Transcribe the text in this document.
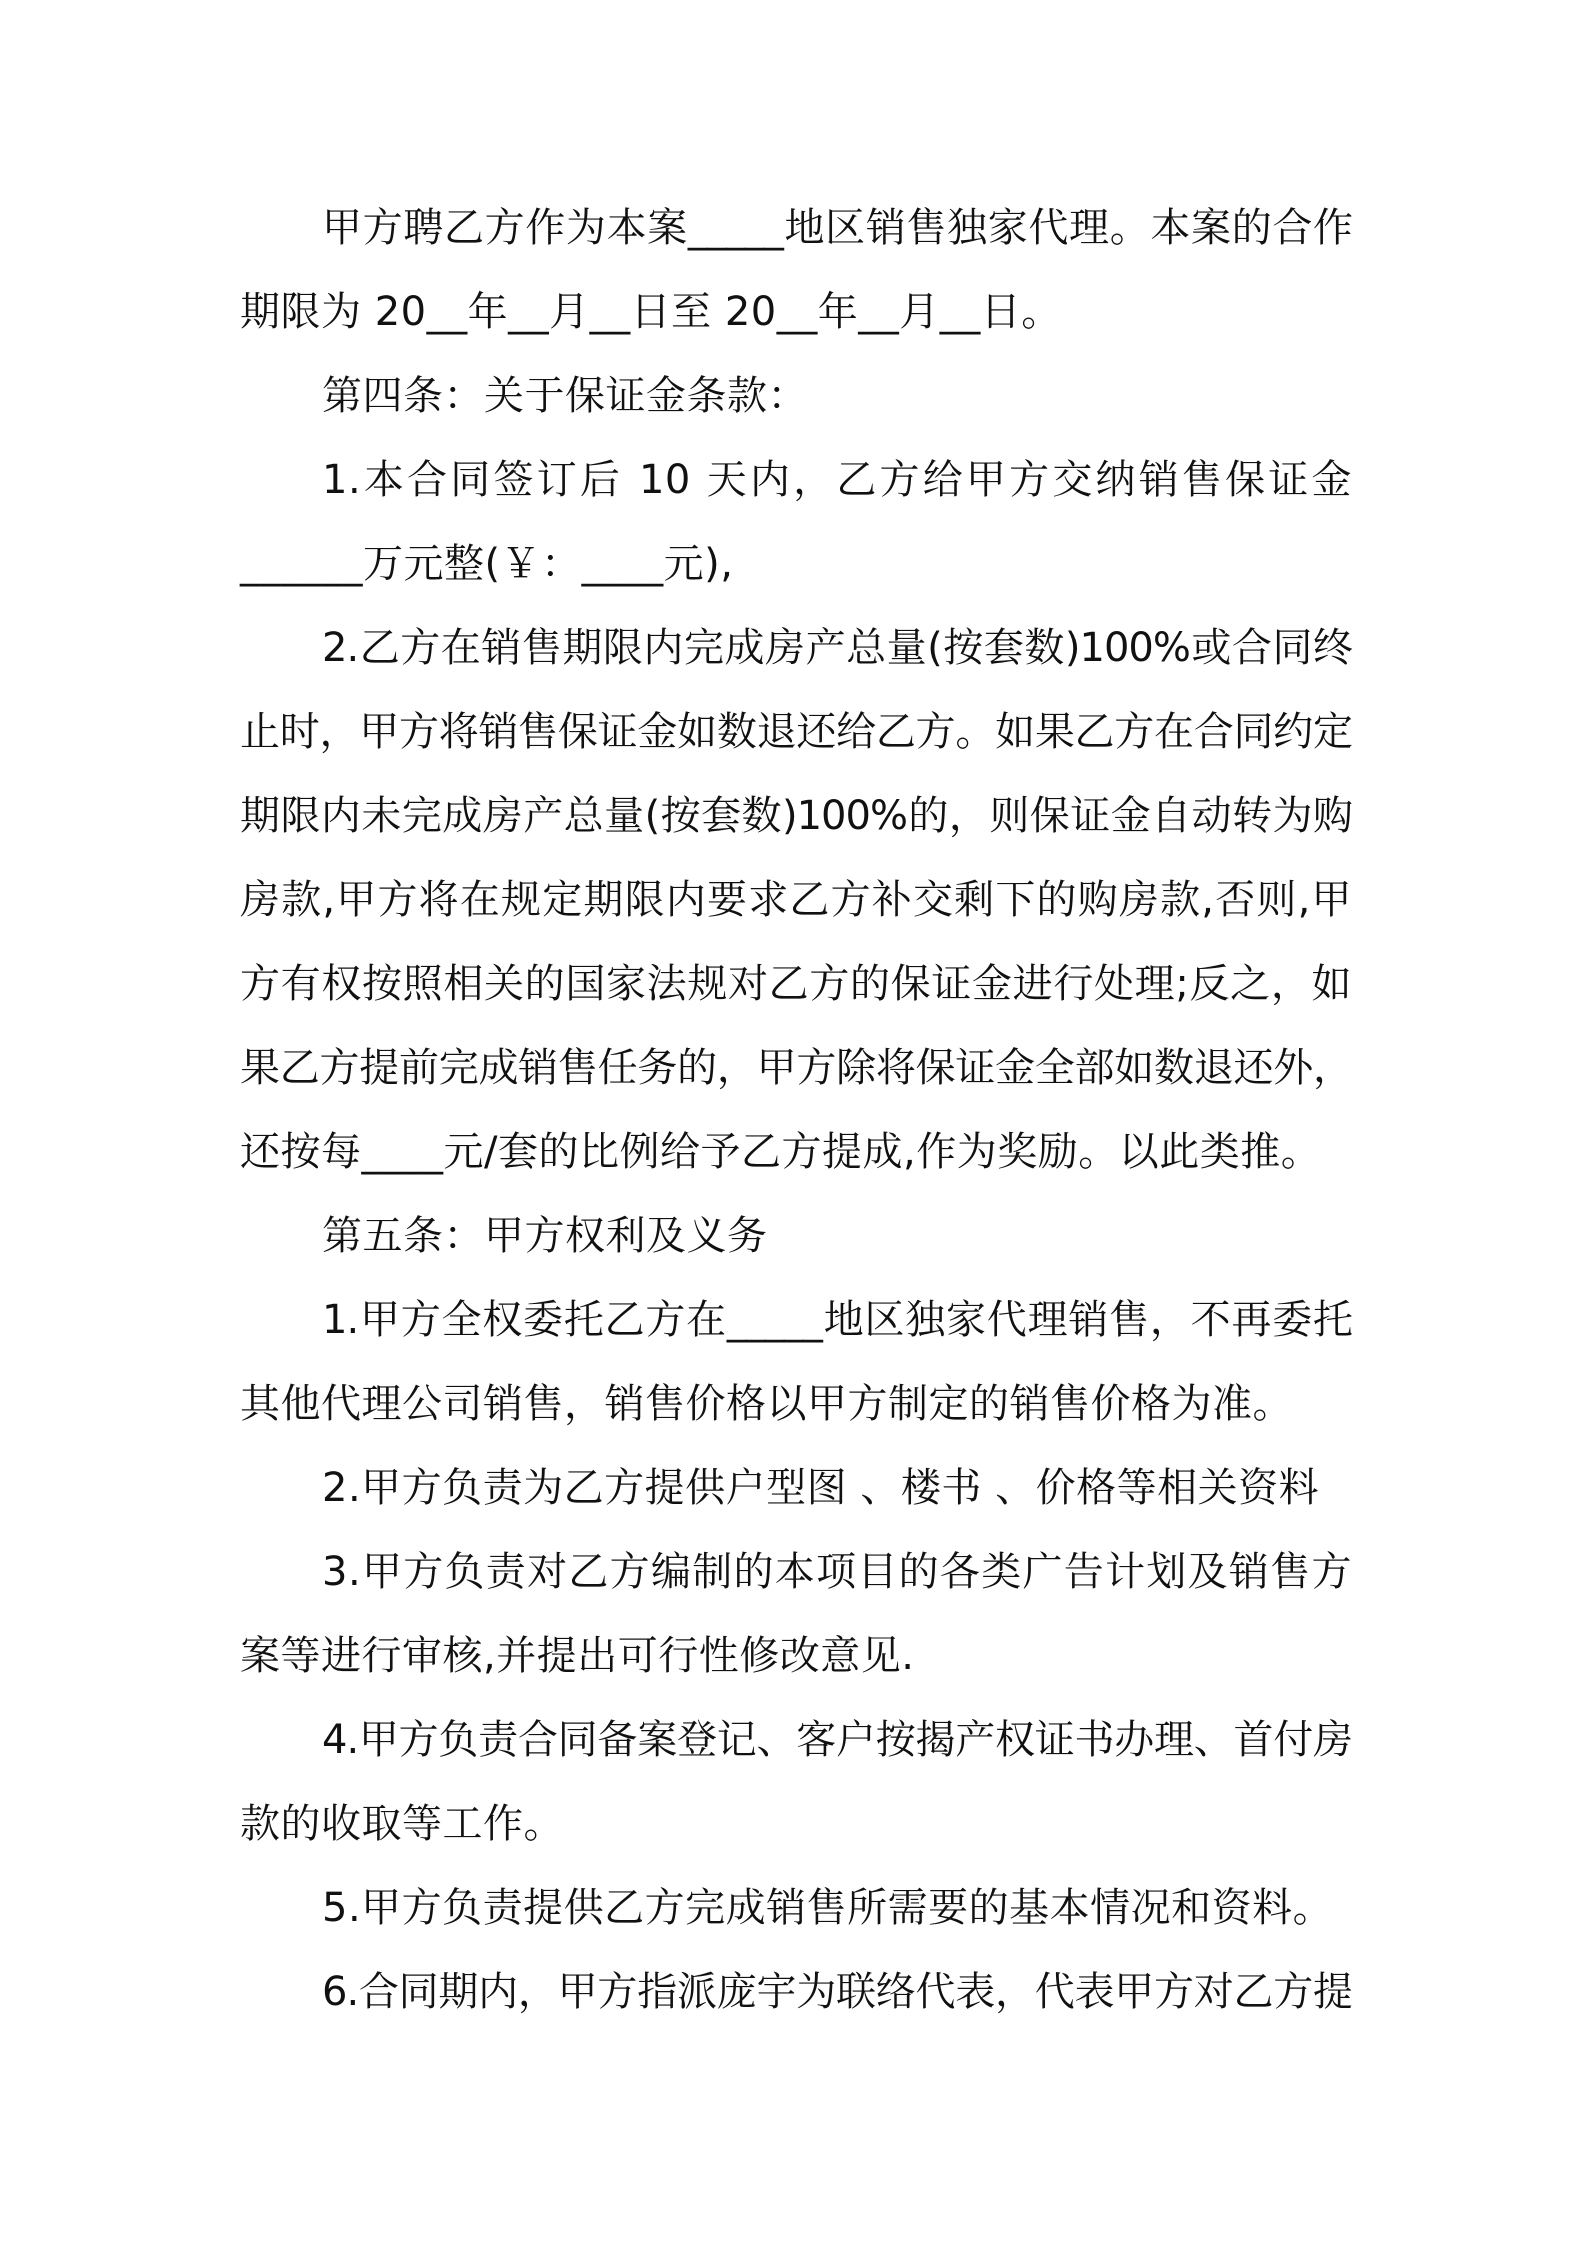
甲方聘乙方作为本案_____地区销售独家代理。本案的合作
期限为 20__年__月__日至 20__年__月__日。
第四条：关于保证金条款：
1.本合同签订后 10 天内，乙方给甲方交纳销售保证金
______万元整(￥：____元),
2.乙方在销售期限内完成房产总量(按套数)100%或合同终
止时，甲方将销售保证金如数退还给乙方。如果乙方在合同约定
期限内未完成房产总量(按套数)100%的，则保证金自动转为购
房款,甲方将在规定期限内要求乙方补交剩下的购房款,否则,甲
方有权按照相关的国家法规对乙方的保证金进行处理;反之，如
果乙方提前完成销售任务的，甲方除将保证金全部如数退还外，
还按每____元/套的比例给予乙方提成,作为奖励。以此类推。
第五条：甲方权利及义务
1.甲方全权委托乙方在_____地区独家代理销售，不再委托
其他代理公司销售，销售价格以甲方制定的销售价格为准。
2.甲方负责为乙方提供户型图 、楼书 、价格等相关资料
3.甲方负责对乙方编制的本项目的各类广告计划及销售方
案等进行审核,并提出可行性修改意见.
4.甲方负责合同备案登记、客户按揭产权证书办理、首付房
款的收取等工作。
5.甲方负责提供乙方完成销售所需要的基本情况和资料。
6.合同期内，甲方指派庞宇为联络代表，代表甲方对乙方提
